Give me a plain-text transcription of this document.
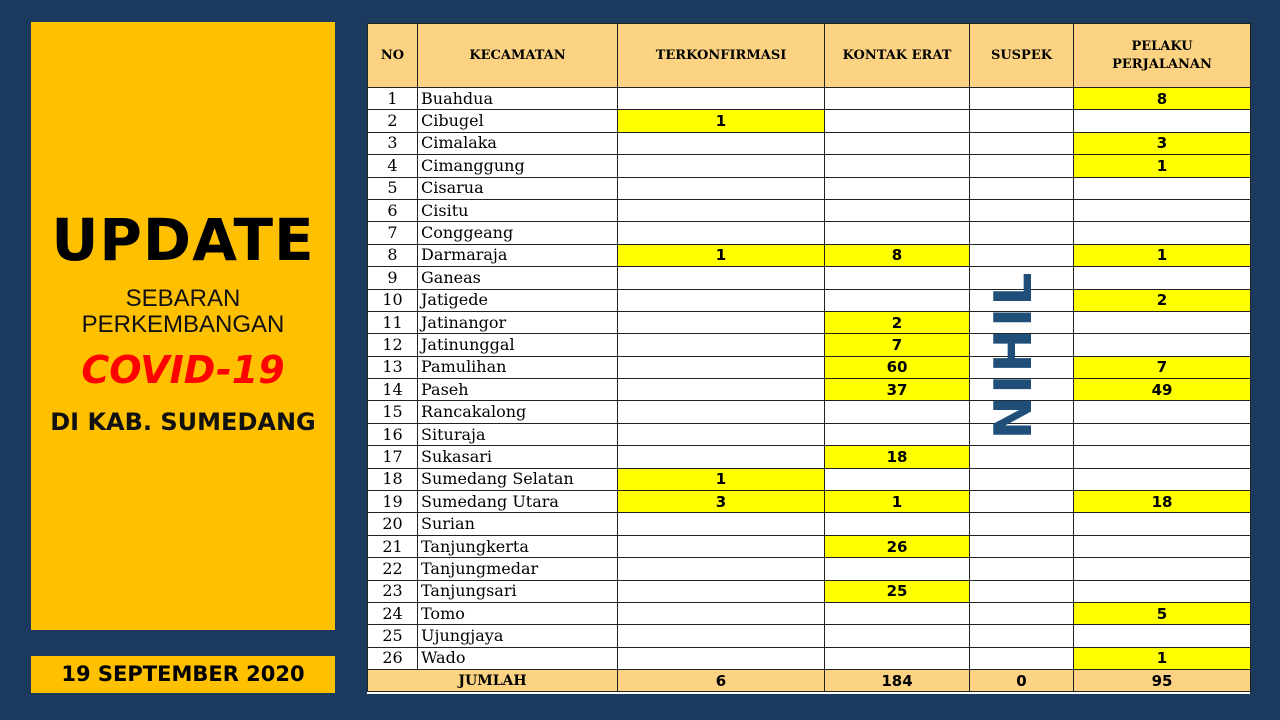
UPDATE
SEBARAN
PERKEMBANGAN
COVID-19
DI KAB. SUMEDANG
19 SEPTEMBER 2020
NO	KECAMATAN	TERKONFIRMASI	KONTAK ERAT	SUSPEK	PELAKU
PERJALANAN
1	Buahdua				8
2	Cibugel	1			
3	Cimalaka				3
4	Cimanggung				1
5	Cisarua				
6	Cisitu				
7	Conggeang				
8	Darmaraja	1	8		1
9	Ganeas				
10	Jatigede				2
11	Jatinangor		2		
12	Jatinunggal		7		
13	Pamulihan		60		7
14	Paseh		37		49
15	Rancakalong				
16	Situraja				
17	Sukasari		18		
18	Sumedang Selatan	1			
19	Sumedang Utara	3	1		18
20	Surian				
21	Tanjungkerta		26		
22	Tanjungmedar				
23	Tanjungsari		25		
24	Tomo				5
25	Ujungjaya				
26	Wado				1
JUMLAH		6	184	0	95
NIHIL
